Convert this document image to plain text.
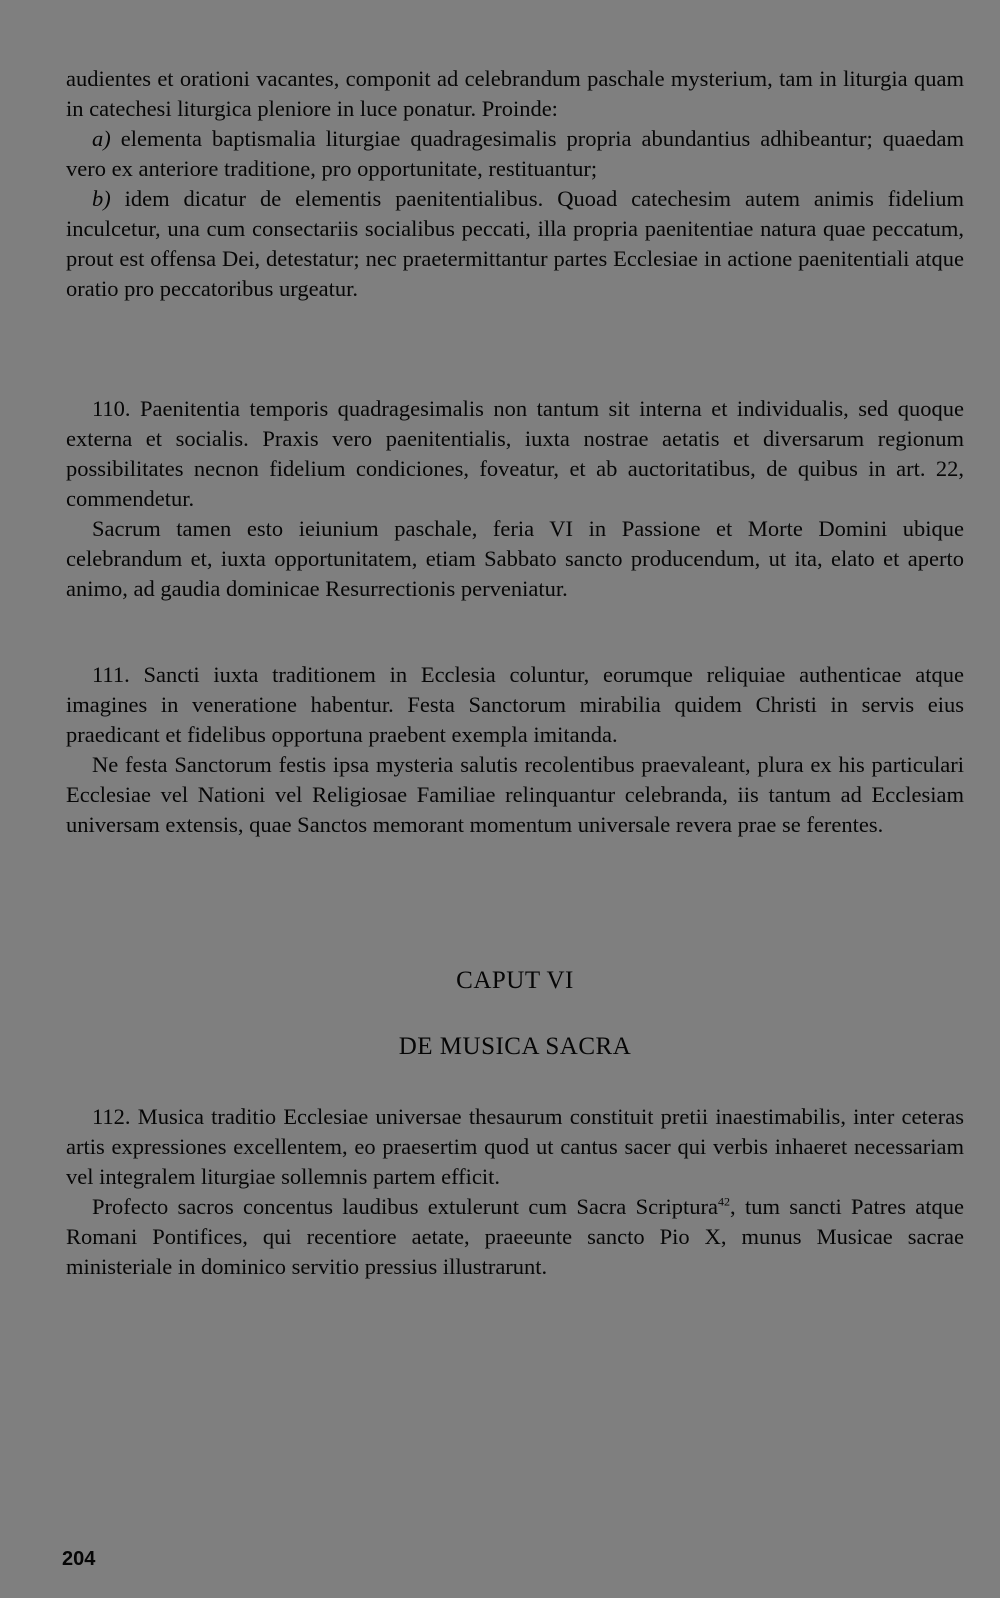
audientes et orationi vacantes, componit ad celebrandum paschale mysterium, tam in liturgia quam in catechesi liturgica pleniore in luce ponatur. Proinde:

a) elementa baptismalia liturgiae quadragesimalis propria abundantius adhibeantur; quaedam vero ex anteriore traditione, pro opportunitate, restituantur;

b) idem dicatur de elementis paenitentialibus. Quoad catechesim autem animis fidelium inculcetur, una cum consectariis socialibus peccati, illa propria paenitentiae natura quae peccatum, prout est offensa Dei, detestatur; nec praetermittantur partes Ecclesiae in actione paenitentiali atque oratio pro peccatoribus urgeatur.

110. Paenitentia temporis quadragesimalis non tantum sit interna et individualis, sed quoque externa et socialis. Praxis vero paenitentialis, iuxta nostrae aetatis et diversarum regionum possibilitates necnon fidelium condiciones, foveatur, et ab auctoritatibus, de quibus in art. 22, commendetur.

Sacrum tamen esto ieiunium paschale, feria VI in Passione et Morte Domini ubique celebrandum et, iuxta opportunitatem, etiam Sabbato sancto producendum, ut ita, elato et aperto animo, ad gaudia dominicae Resurrectionis perveniatur.

111. Sancti iuxta traditionem in Ecclesia coluntur, eorumque reliquiae authenticae atque imagines in veneratione habentur. Festa Sanctorum mirabilia quidem Christi in servis eius praedicant et fidelibus opportuna praebent exempla imitanda.

Ne festa Sanctorum festis ipsa mysteria salutis recolentibus praevaleant, plura ex his particulari Ecclesiae vel Nationi vel Religiosae Familiae relinquantur celebranda, iis tantum ad Ecclesiam universam extensis, quae Sanctos memorant momentum universale revera prae se ferentes.

CAPUT VI
DE MUSICA SACRA

112. Musica traditio Ecclesiae universae thesaurum constituit pretii inaestimabilis, inter ceteras artis expressiones excellentem, eo praesertim quod ut cantus sacer qui verbis inhaeret necessariam vel integralem liturgiae sollemnis partem efficit.

Profecto sacros concentus laudibus extulerunt cum Sacra Scriptura$^{42}$, tum sancti Patres atque Romani Pontifices, qui recentiore aetate, praeeunte sancto Pio X, munus Musicae sacrae ministeriale in dominico servitio pressius illustrarunt.

204
